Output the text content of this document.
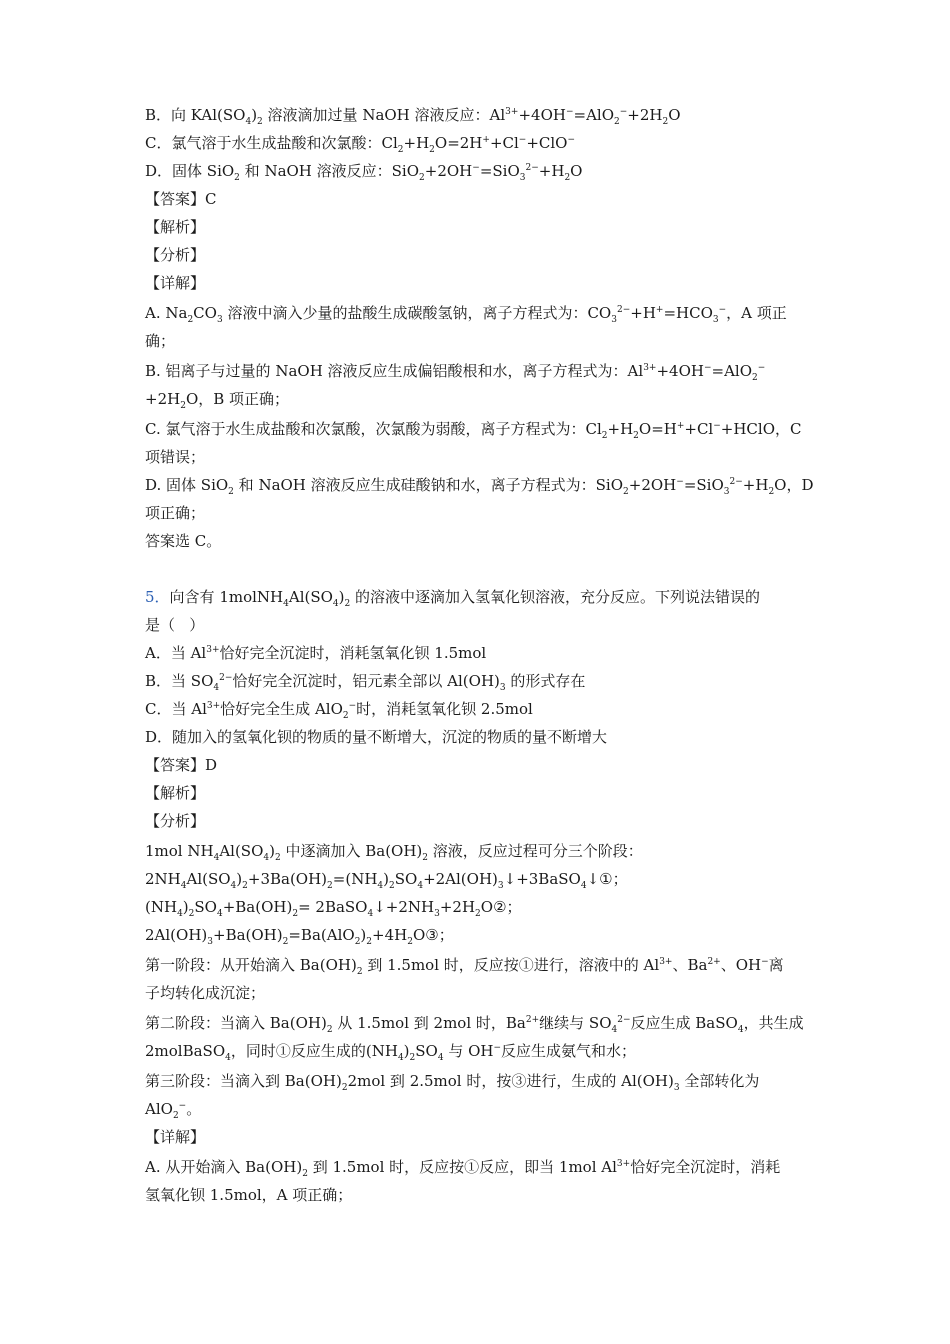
B．向 $KAl(SO_4)_2$ 溶液滴加过量 NaOH 溶液反应：$Al^{3+}+4OH^-=AlO_2^-+2H_2O$
C．氯气溶于水生成盐酸和次氯酸：$Cl_2+H_2O=2H^++Cl^-+ClO^-$
D．固体 SiO$_2$ 和 NaOH 溶液反应：$SiO_2+2OH^-=SiO_3^{2-}+H_2O$
【答案】C
【解析】
【分析】
【详解】
A. $Na_2CO_3$ 溶液中滴入少量的盐酸生成碳酸氢钠，离子方程式为：$CO_3^{2-}+H^+=HCO_3^-$，A 项正
确；
B. 铝离子与过量的 NaOH 溶液反应生成偏铝酸根和水，离子方程式为：$Al^{3+}+4OH^-=AlO_2^-$
$+2H_2O$，B 项正确；
C. 氯气溶于水生成盐酸和次氯酸，次氯酸为弱酸，离子方程式为：$Cl_2+H_2O=H^++Cl^-+HClO$，C
项错误；
D. 固体 SiO$_2$ 和 NaOH 溶液反应生成硅酸钠和水，离子方程式为：$SiO_2+2OH^-=SiO_3^{2-}+H_2O$，D
项正确；
答案选 C。
5．向含有 $1molNH_4Al(SO_4)_2$ 的溶液中逐滴加入氢氧化钡溶液，充分反应。下列说法错误的
是（   ）
A．当 $Al^{3+}$恰好完全沉淀时，消耗氢氧化钡 1.5mol
B．当 $SO_4^{2-}$恰好完全沉淀时，铝元素全部以 $Al(OH)_3$ 的形式存在
C．当 $Al^{3+}$恰好完全生成 AlO$_2$−时，消耗氢氧化钡 2.5mol
D．随加入的氢氧化钡的物质的量不断增大，沉淀的物质的量不断增大
【答案】D
【解析】
【分析】
1mol $NH_4Al(SO_4)_2$ 中逐滴加入 $Ba(OH)_2$ 溶液，反应过程可分三个阶段：
$2NH_4Al(SO_4)_2+3Ba(OH)_2=(NH_4)_2SO_4+2Al(OH)_3↓+3BaSO_4↓①$；
$(NH_4)_2SO_4+Ba(OH)_2=$ $2BaSO_4↓+2NH_3+2H_2O②$；
$2Al(OH)_3+Ba(OH)_2=Ba(AlO_2)_2+4H_2O③$；
第一阶段：从开始滴入 $Ba(OH)_2$ 到 1.5mol 时，反应按①进行，溶液中的 $Al^{3+}$、$Ba^{2+}$、OH−离
子均转化成沉淀；
第二阶段：当滴入 $Ba(OH)_2$ 从 1.5mol 到 2mol 时，$Ba^{2+}$继续与 $SO_4^{2-}$反应生成 BaSO$_4$，共生成
2molBaSO$_4$，同时①反应生成的$(NH_4)_2SO_4$ 与 OH−反应生成氨气和水；
第三阶段：当滴入到 $Ba(OH)_22mol$ 到 2.5mol 时，按③进行，生成的 $Al(OH)_3$ 全部转化为
AlO$_2$−。
【详解】
A. 从开始滴入 $Ba(OH)_2$ 到 1.5mol 时，反应按①反应，即当 1mol $Al^{3+}$恰好完全沉淀时，消耗
氢氧化钡 1.5mol，A 项正确；
